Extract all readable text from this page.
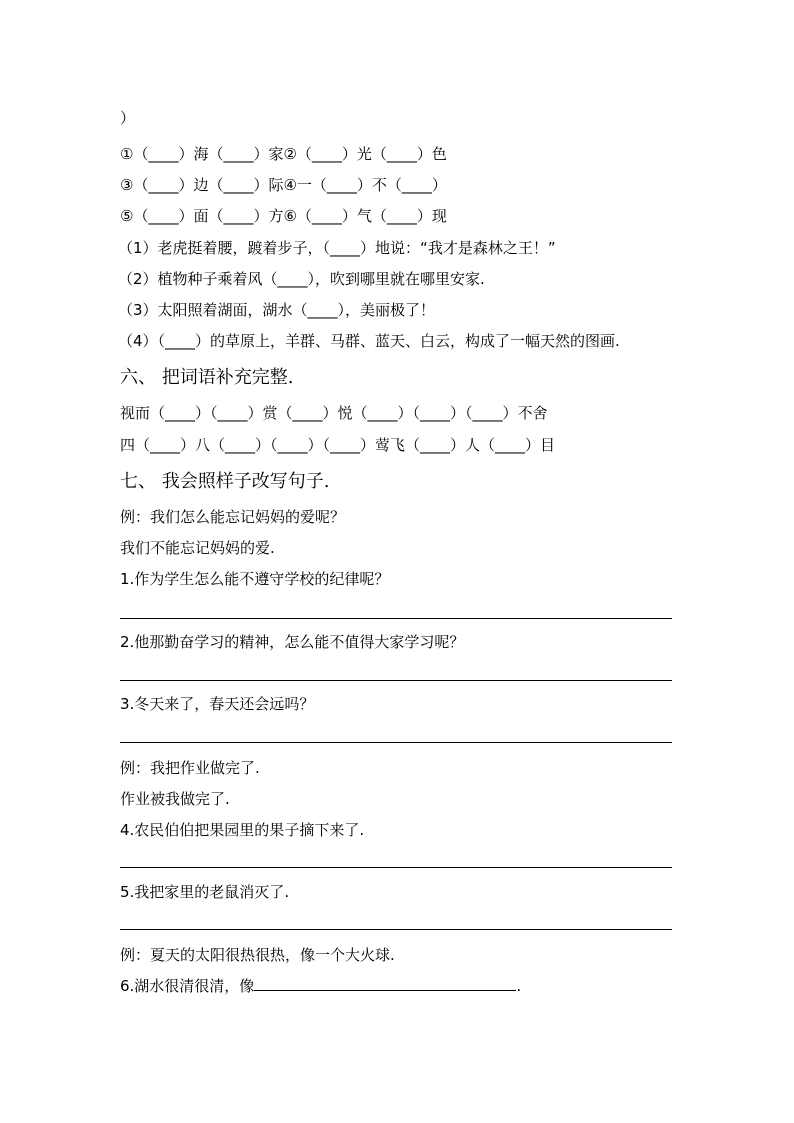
）
①（____）海（____）家②（____）光（____）色
③（____）边（____）际④一（____）不（____）
⑤（____）面（____）方⑥（____）气（____）现
（1）老虎挺着腰，踱着步子，（____）地说：“我才是森林之王！”
（2）植物种子乘着风（____），吹到哪里就在哪里安家.
（3）太阳照着湖面，湖水（____），美丽极了！
（4）（____）的草原上，羊群、马群、蓝天、白云，构成了一幅天然的图画.
六、 把词语补充完整.
视而（____）（____）赏（____）悦（____）（____）（____）不舍
四（____）八（____）（____）（____）莺飞（____）人（____）目
七、 我会照样子改写句子.
例：我们怎么能忘记妈妈的爱呢？
我们不能忘记妈妈的爱.
1.作为学生怎么能不遵守学校的纪律呢？
2.他那勤奋学习的精神，怎么能不值得大家学习呢？
3.冬天来了，春天还会远吗？
例：我把作业做完了.
作业被我做完了.
4.农民伯伯把果园里的果子摘下来了.
5.我把家里的老鼠消灭了.
例：夏天的太阳很热很热，像一个大火球.
6.湖水很清很清，像	.
